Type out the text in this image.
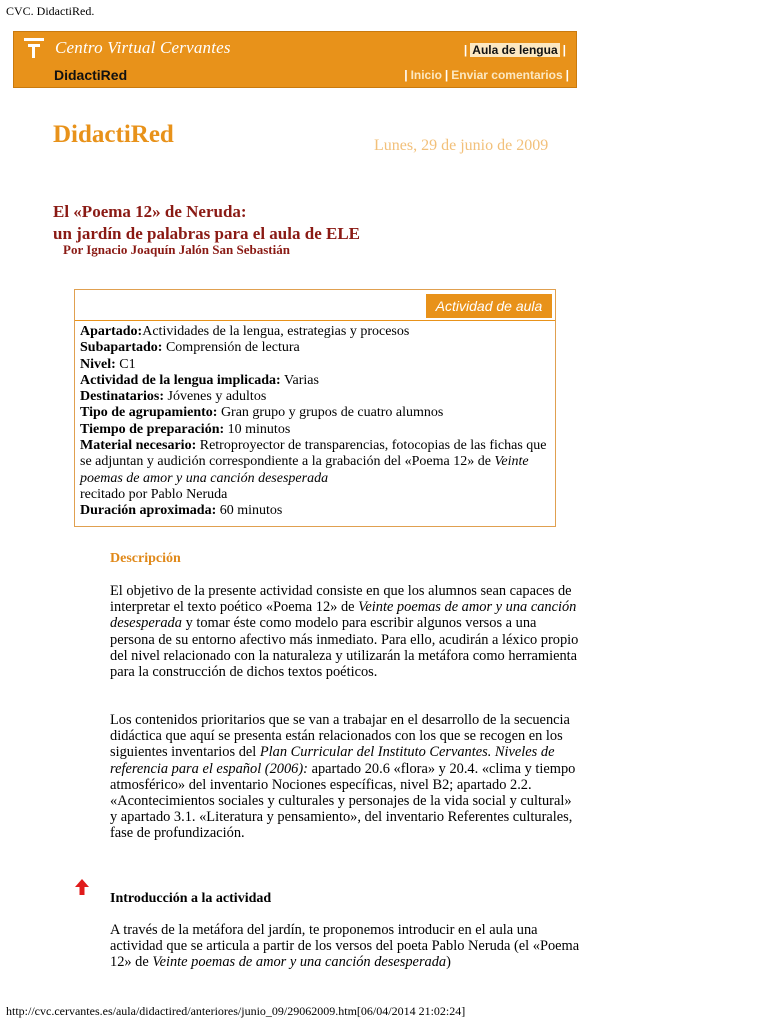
CVC. DidactiRed.
Centro Virtual Cervantes
DidactiRed
| Aula de lengua |
| Inicio | Enviar comentarios |
DidactiRed	Lunes, 29 de junio de 2009
El «Poema 12» de Neruda:
un jardín de palabras para el aula de ELE
Por Ignacio Joaquín Jalón San Sebastián
Actividad de aula
Apartado:Actividades de la lengua, estrategias y procesos
Subapartado: Comprensión de lectura
Nivel: C1
Actividad de la lengua implicada: Varias
Destinatarios: Jóvenes y adultos
Tipo de agrupamiento: Gran grupo y grupos de cuatro alumnos
Tiempo de preparación: 10 minutos
Material necesario: Retroproyector de transparencias, fotocopias de las fichas que se adjuntan y audición correspondiente a la grabación del «Poema 12» de Veinte poemas de amor y una canción desesperada
recitado por Pablo Neruda
Duración aproximada: 60 minutos
Descripción
El objetivo de la presente actividad consiste en que los alumnos sean capaces de interpretar el texto poético «Poema 12» de Veinte poemas de amor y una canción desesperada y tomar éste como modelo para escribir algunos versos a una persona de su entorno afectivo más inmediato. Para ello, acudirán a léxico propio del nivel relacionado con la naturaleza y utilizarán la metáfora como herramienta para la construcción de dichos textos poéticos.
Los contenidos prioritarios que se van a trabajar en el desarrollo de la secuencia didáctica que aquí se presenta están relacionados con los que se recogen en los siguientes inventarios del Plan Curricular del Instituto Cervantes. Niveles de referencia para el español (2006): apartado 20.6 «flora» y 20.4. «clima y tiempo atmosférico» del inventario Nociones específicas, nivel B2; apartado 2.2. «Acontecimientos sociales y culturales y personajes de la vida social y cultural» y apartado 3.1. «Literatura y pensamiento», del inventario Referentes culturales, fase de profundización.
Introducción a la actividad
A través de la metáfora del jardín, te proponemos introducir en el aula una actividad que se articula a partir de los versos del poeta Pablo Neruda (el «Poema 12» de Veinte poemas de amor y una canción desesperada)
http://cvc.cervantes.es/aula/didactired/anteriores/junio_09/29062009.htm[06/04/2014 21:02:24]
